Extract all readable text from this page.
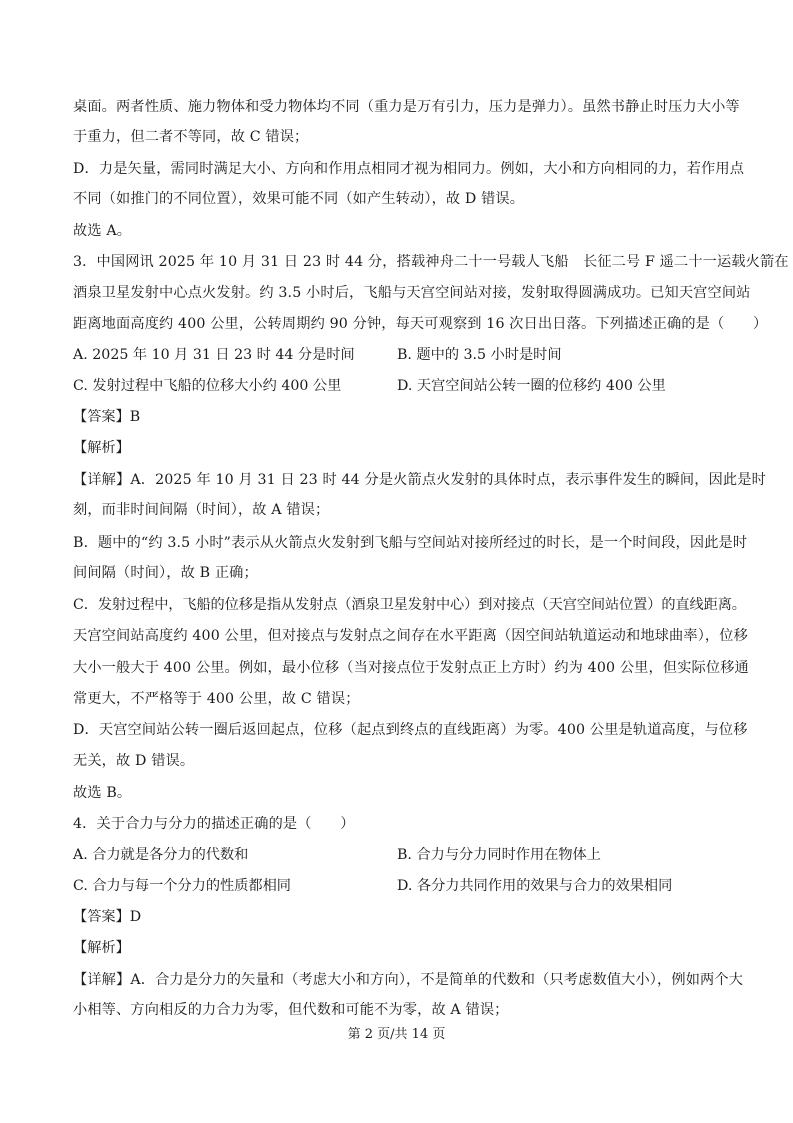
桌面。两者性质、施力物体和受力物体均不同（重力是万有引力，压力是弹力）。虽然书静止时压力大小等
于重力，但二者不等同，故 C 错误；
D．力是矢量，需同时满足大小、方向和作用点相同才视为相同力。例如，大小和方向相同的力，若作用点
不同（如推门的不同位置），效果可能不同（如产生转动），故 D 错误。
故选 A。
3．中国网讯 2025 年 10 月 31 日 23 时 44 分，搭载神舟二十一号载人飞船　长征二号 F 遥二十一运载火箭在
酒泉卫星发射中心点火发射。约 3.5 小时后，飞船与天宫空间站对接，发射取得圆满成功。已知天宫空间站
距离地面高度约 400 公里，公转周期约 90 分钟，每天可观察到 16 次日出日落。下列描述正确的是（　　）
A. 2025 年 10 月 31 日 23 时 44 分是时间	B. 题中的 3.5 小时是时间
C. 发射过程中飞船的位移大小约 400 公里	D. 天宫空间站公转一圈的位移约 400 公里
【答案】B
【解析】
【详解】A．2025 年 10 月 31 日 23 时 44 分是火箭点火发射的具体时点，表示事件发生的瞬间，因此是时
刻，而非时间间隔（时间），故 A 错误；
B．题中的“约 3.5 小时”表示从火箭点火发射到飞船与空间站对接所经过的时长，是一个时间段，因此是时
间间隔（时间），故 B 正确；
C．发射过程中，飞船的位移是指从发射点（酒泉卫星发射中心）到对接点（天宫空间站位置）的直线距离。
天宫空间站高度约 400 公里，但对接点与发射点之间存在水平距离（因空间站轨道运动和地球曲率），位移
大小一般大于 400 公里。例如，最小位移（当对接点位于发射点正上方时）约为 400 公里，但实际位移通
常更大，不严格等于 400 公里，故 C 错误；
D．天宫空间站公转一圈后返回起点，位移（起点到终点的直线距离）为零。400 公里是轨道高度，与位移
无关，故 D 错误。
故选 B。
4．关于合力与分力的描述正确的是（　　）
A. 合力就是各分力的代数和	B. 合力与分力同时作用在物体上
C. 合力与每一个分力的性质都相同	D. 各分力共同作用的效果与合力的效果相同
【答案】D
【解析】
【详解】A．合力是分力的矢量和（考虑大小和方向），不是简单的代数和（只考虑数值大小），例如两个大
小相等、方向相反的力合力为零，但代数和可能不为零，故 A 错误；
第 2 页/共 14 页
